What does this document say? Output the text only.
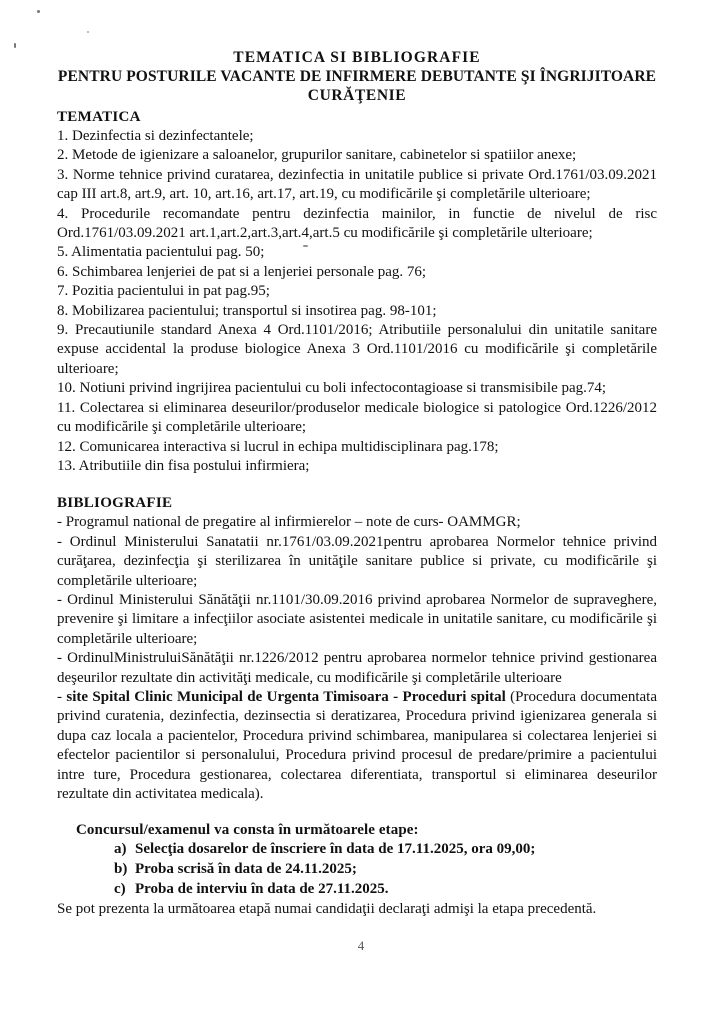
TEMATICA SI BIBLIOGRAFIE
PENTRU POSTURILE VACANTE DE INFIRMERE DEBUTANTE ŞI ÎNGRIJITOARE
CURĂŢENIE
TEMATICA
1. Dezinfectia si dezinfectantele;
2. Metode de igienizare a saloanelor, grupurilor sanitare, cabinetelor si spatiilor anexe;
3. Norme tehnice privind curatarea, dezinfectia in unitatile publice si private Ord.1761/03.09.2021 cap III art.8, art.9, art. 10, art.16, art.17, art.19, cu modificările şi completările ulterioare;
4. Procedurile recomandate pentru dezinfectia mainilor, in functie de nivelul de risc Ord.1761/03.09.2021 art.1,art.2,art.3,art.4,art.5 cu modificările şi completările ulterioare;
5. Alimentatia pacientului pag. 50;
6. Schimbarea lenjeriei de pat si a lenjeriei personale pag. 76;
7. Pozitia pacientului in pat pag.95;
8. Mobilizarea pacientului; transportul si insotirea pag. 98-101;
9. Precautiunile standard Anexa 4 Ord.1101/2016; Atributiile personalului din unitatile sanitare expuse accidental la produse biologice Anexa 3 Ord.1101/2016 cu modificările şi completările ulterioare;
10. Notiuni privind ingrijirea pacientului cu boli infectocontagioase si transmisibile pag.74;
11. Colectarea si eliminarea deseurilor/produselor medicale biologice si patologice Ord.1226/2012 cu modificările şi completările ulterioare;
12. Comunicarea interactiva si lucrul in echipa multidisciplinara pag.178;
13. Atributiile din fisa postului infirmiera;
BIBLIOGRAFIE
- Programul national de pregatire al infirmierelor – note de curs- OAMMGR;
- Ordinul Ministerului Sanatatii nr.1761/03.09.2021pentru aprobarea Normelor tehnice privind curăţarea, dezinfecţia şi sterilizarea în unităţile sanitare publice si private, cu modificările şi completările ulterioare;
- Ordinul Ministerului Sănătăţii nr.1101/30.09.2016 privind aprobarea Normelor de supraveghere, prevenire şi limitare a infecţiilor asociate asistentei medicale in unitatile sanitare, cu modificările şi completările ulterioare;
- OrdinulMinistruluiSănătăţii nr.1226/2012 pentru aprobarea normelor tehnice privind gestionarea deşeurilor rezultate din activităţi medicale, cu modificările şi completările ulterioare
- site Spital Clinic Municipal de Urgenta Timisoara - Proceduri spital (Procedura documentata privind curatenia, dezinfectia, dezinsectia si deratizarea, Procedura privind igienizarea generala si dupa caz locala a pacientelor, Procedura privind schimbarea, manipularea si colectarea lenjeriei si efectelor pacientilor si personalului, Procedura privind procesul de predare/primire a pacientului intre ture, Procedura gestionarea, colectarea diferentiata, transportul si eliminarea deseurilor rezultate din activitatea medicala).
Concursul/examenul va consta în următoarele etape:
a) Selecţia dosarelor de înscriere în data de 17.11.2025, ora 09,00;
b) Proba scrisă în data de 24.11.2025;
c) Proba de interviu în data de 27.11.2025.
Se pot prezenta la următoarea etapă numai candidaţii declaraţi admişi la etapa precedentă.
4
